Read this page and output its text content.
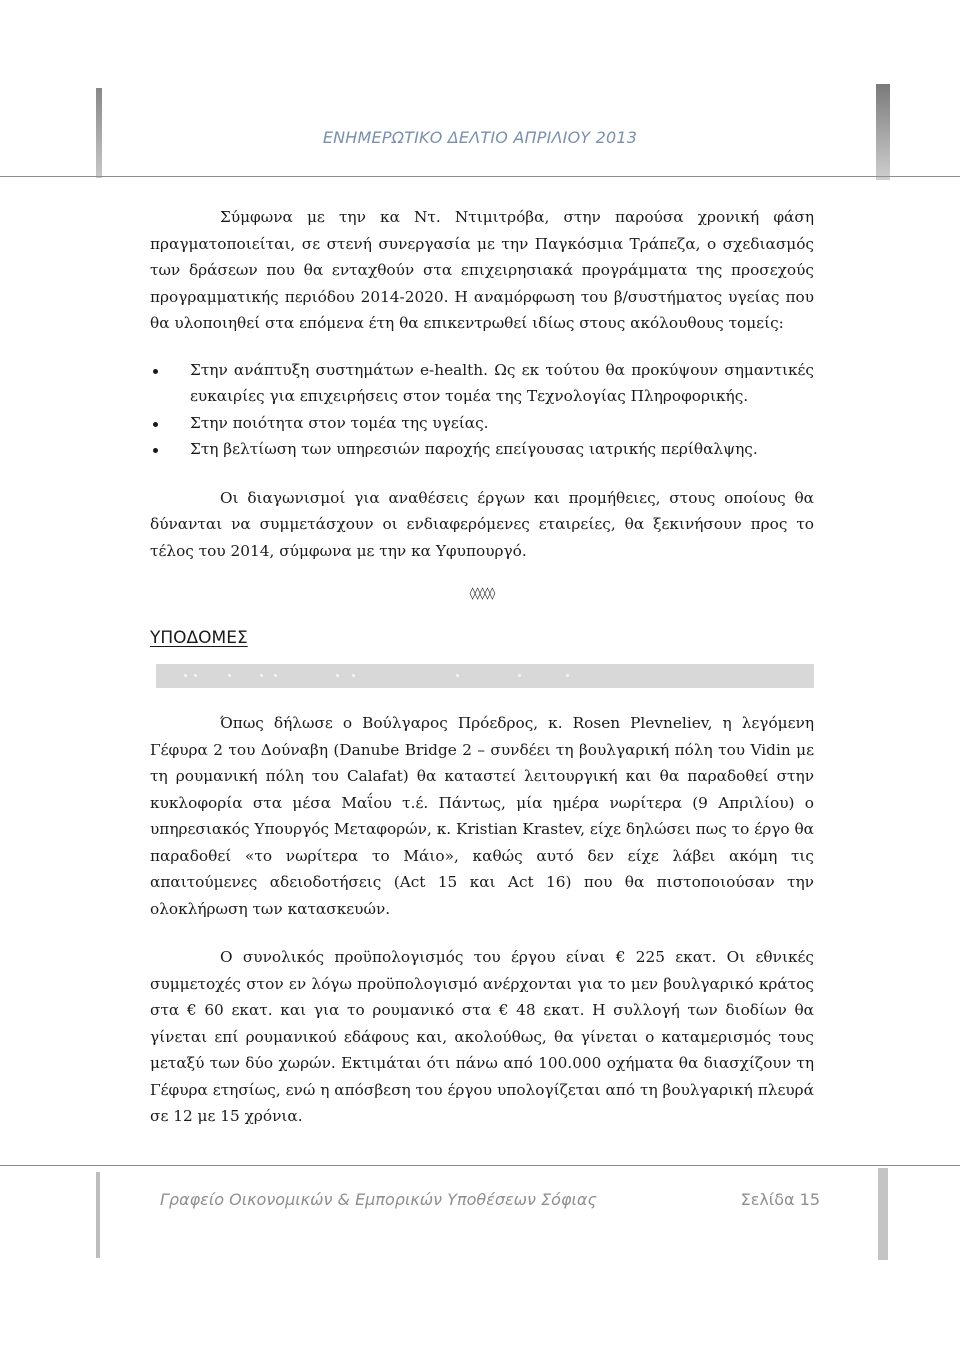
ΕΝΗΜΕΡΩΤΙΚΟ ΔΕΛΤΙΟ ΑΠΡΙΛΙΟΥ 2013

Σύμφωνα με την κα Ντ. Ντιμιτρόβα, στην παρούσα χρονική φάση πραγματοποιείται, σε στενή συνεργασία με την Παγκόσμια Τράπεζα, ο σχεδιασμός των δράσεων που θα ενταχθούν στα επιχειρησιακά προγράμματα της προσεχούς προγραμματικής περιόδου 2014-2020. Η αναμόρφωση του β/συστήματος υγείας που θα υλοποιηθεί στα επόμενα έτη θα επικεντρωθεί ιδίως στους ακόλουθους τομείς:

Στην ανάπτυξη συστημάτων e-health. Ως εκ τούτου θα προκύψουν σημαντικές ευκαιρίες για επιχειρήσεις στον τομέα της Τεχνολογίας Πληροφορικής.
Στην ποιότητα στον τομέα της υγείας.
Στη βελτίωση των υπηρεσιών παροχής επείγουσας ιατρικής περίθαλψης.

Οι διαγωνισμοί για αναθέσεις έργων και προμήθειες, στους οποίους θα δύνανται να συμμετάσχουν οι ενδιαφερόμενες εταιρείες, θα ξεκινήσουν προς το τέλος του 2014, σύμφωνα με την κα Υφυπουργό.

◊◊◊◊◊
ΥΠΟΔΟΜΕΣ

Όπως δήλωσε ο Βούλγαρος Πρόεδρος, κ. Rosen Plevneliev, η λεγόμενη Γέφυρα 2 του Δούναβη (Danube Bridge 2 – συνδέει τη βουλγαρική πόλη του Vidin με τη ρουμανική πόλη του Calafat) θα καταστεί λειτουργική και θα παραδοθεί στην κυκλοφορία στα μέσα Μαΐου τ.έ. Πάντως, μία ημέρα νωρίτερα (9 Απριλίου) ο υπηρεσιακός Υπουργός Μεταφορών, κ. Kristian Krastev, είχε δηλώσει πως το έργο θα παραδοθεί «το νωρίτερα το Μάιο», καθώς αυτό δεν είχε λάβει ακόμη τις απαιτούμενες αδειοδοτήσεις (Act 15 και Act 16) που θα πιστοποιούσαν την ολοκλήρωση των κατασκευών.

Ο συνολικός προϋπολογισμός του έργου είναι € 225 εκατ. Οι εθνικές συμμετοχές στον εν λόγω προϋπολογισμό ανέρχονται για το μεν βουλγαρικό κράτος στα € 60 εκατ. και για το ρουμανικό στα € 48 εκατ. Η συλλογή των διοδίων θα γίνεται επί ρουμανικού εδάφους και, ακολούθως, θα γίνεται ο καταμερισμός τους μεταξύ των δύο χωρών. Εκτιμάται ότι πάνω από 100.000 οχήματα θα διασχίζουν τη Γέφυρα ετησίως, ενώ η απόσβεση του έργου υπολογίζεται από τη βουλγαρική πλευρά σε 12 με 15 χρόνια.

Γραφείο Οικονομικών & Εμπορικών Υποθέσεων Σόφιας	Σελίδα 15
